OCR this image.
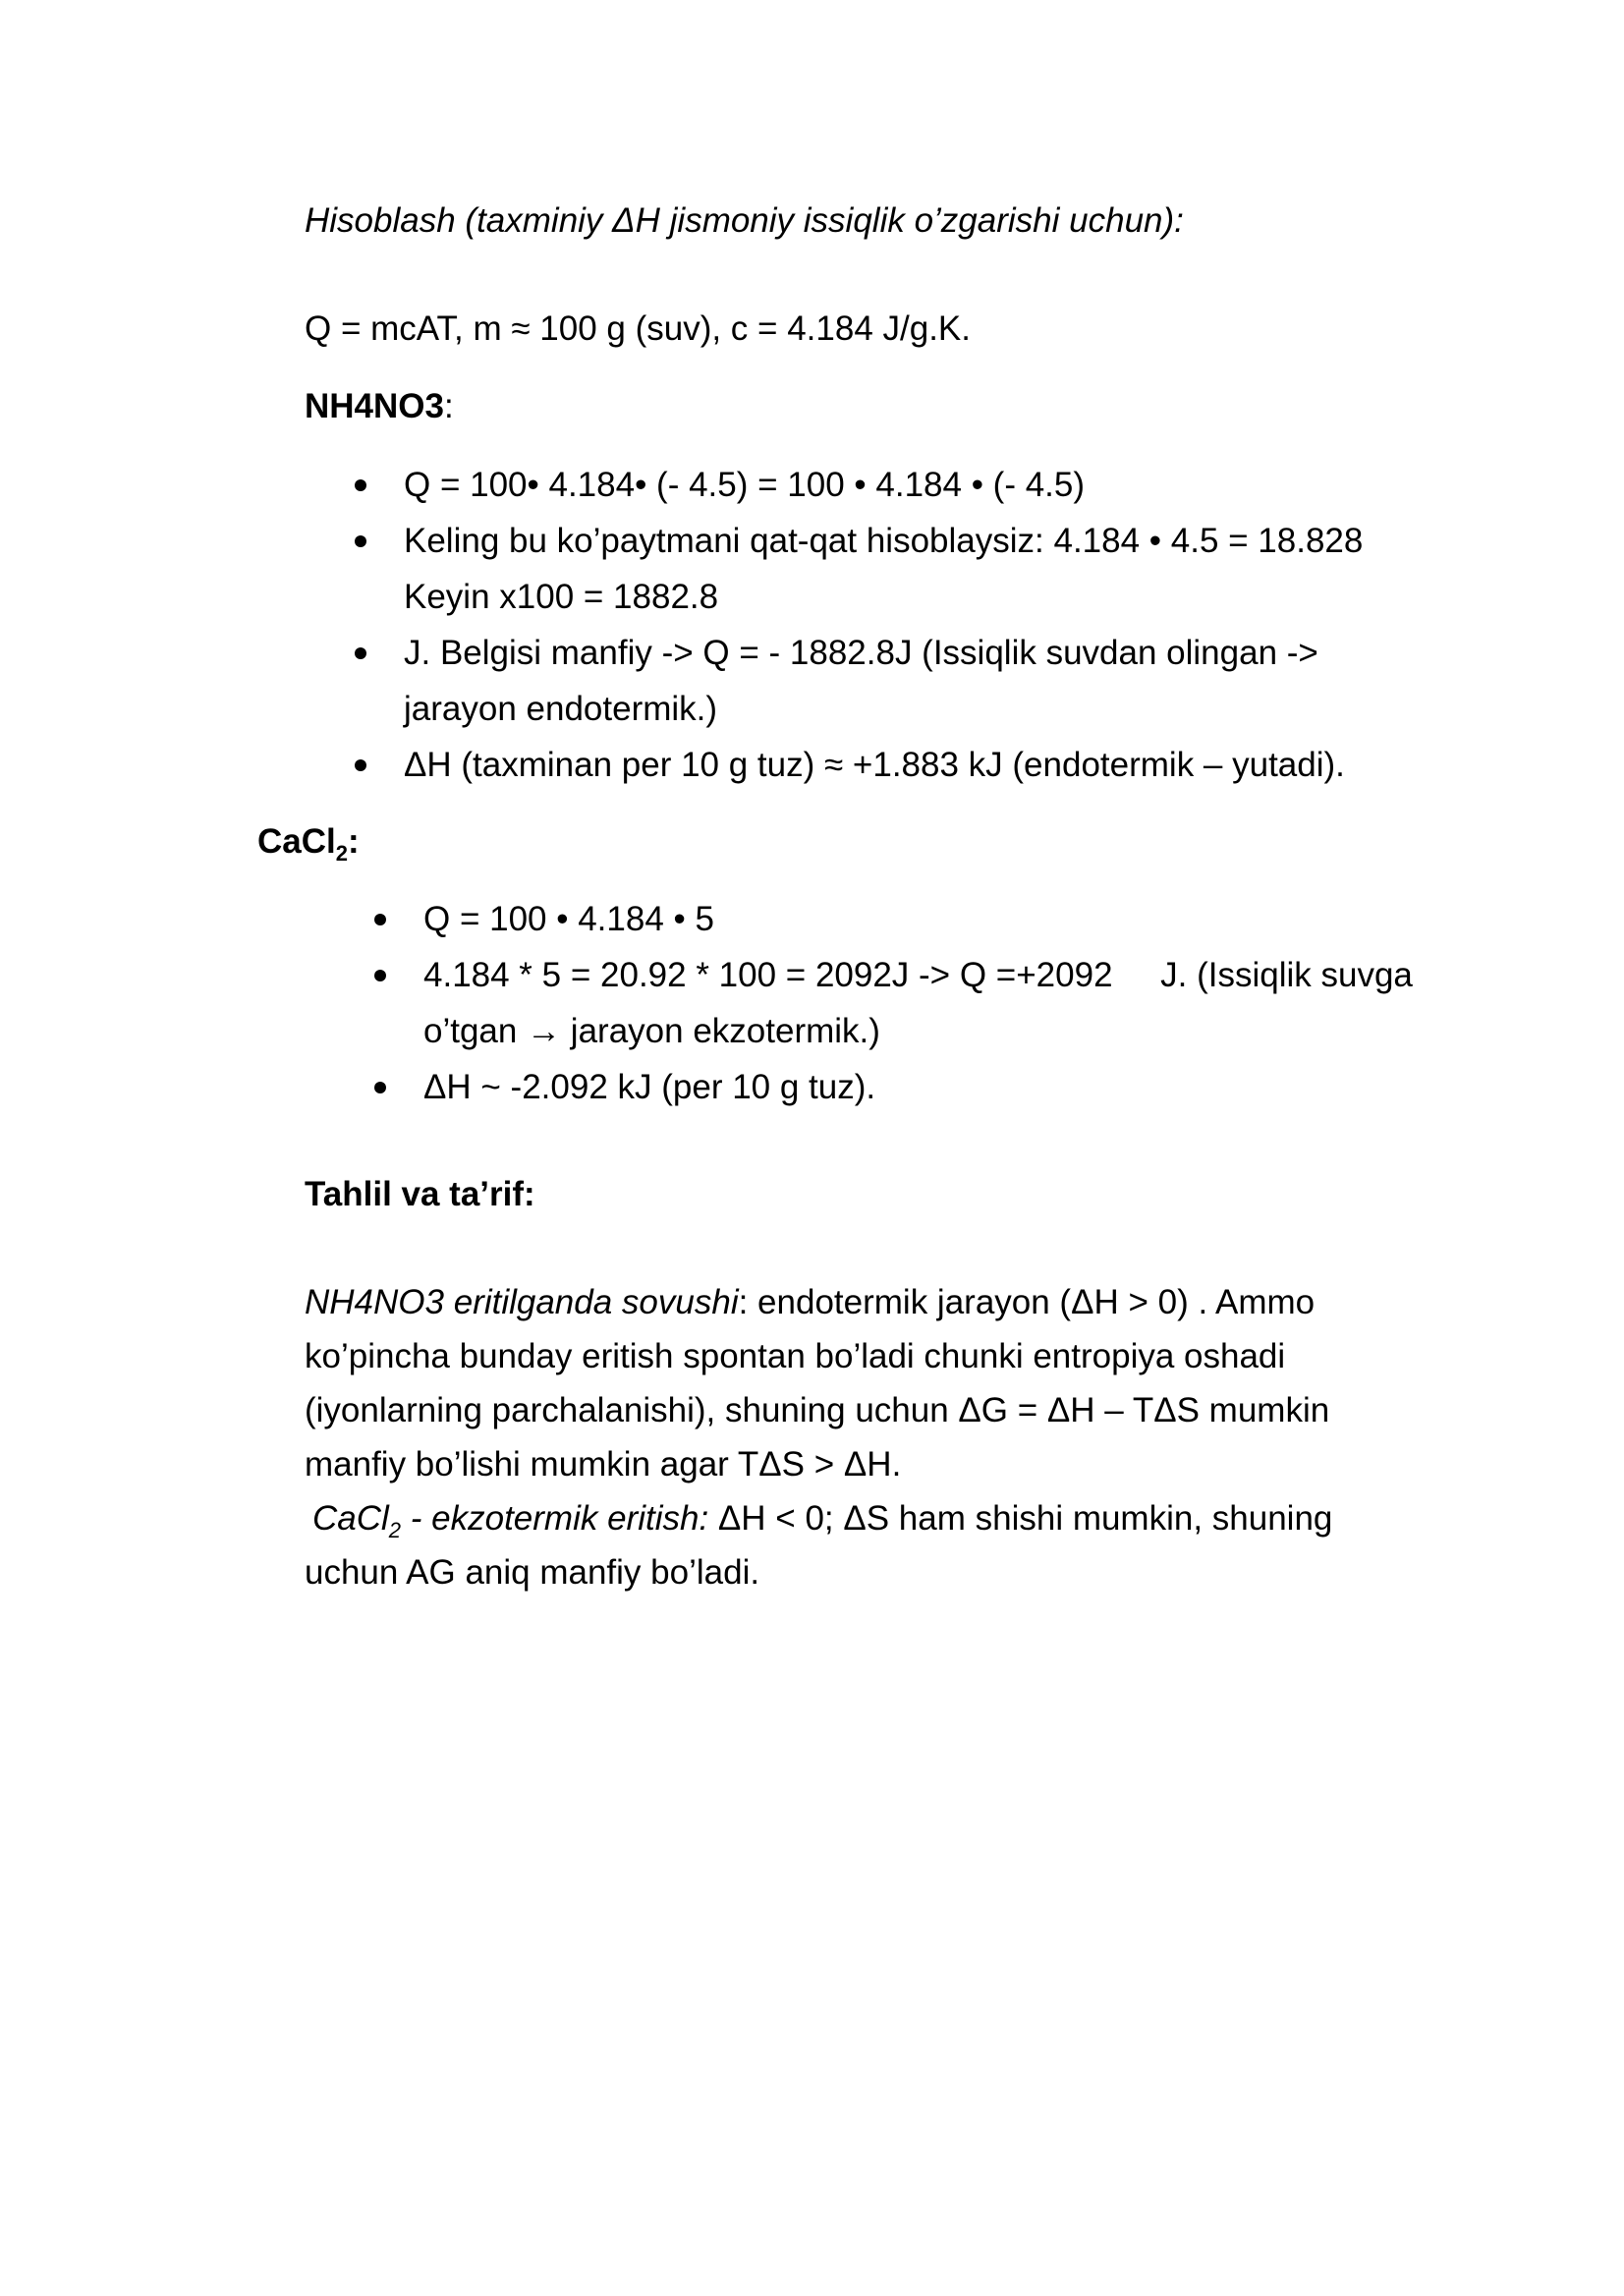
Hisoblash (taxminiy ΔH jismoniy issiqlik o’zgarishi uchun):
Q = mcAT, m ≈ 100 g (suv), c = 4.184 J/g.K.
NH4NO3:
Q = 100• 4.184• (- 4.5) = 100 • 4.184 • (- 4.5)
Keling bu ko’paytmani qat-qat hisoblaysiz: 4.184 • 4.5 = 18.828
Keyin x100 = 1882.8
J. Belgisi manfiy -> Q = - 1882.8J (Issiqlik suvdan olingan ->
jarayon endotermik.)
ΔH (taxminan per 10 g tuz) ≈ +1.883 kJ (endotermik – yutadi).
CaCl$_2$:
Q = 100 • 4.184 • 5
4.184 * 5 = 20.92 * 100 = 2092J -> Q =+2092     J. (Issiqlik suvga
o’tgan → jarayon ekzotermik.)
ΔH ~ -2.092 kJ (per 10 g tuz).
Tahlil va ta’rif:
NH4NO3 eritilganda sovushi: endotermik jarayon (ΔH > 0) . Ammo
ko’pincha bunday eritish spontan bo’ladi chunki entropiya oshadi
(iyonlarning parchalanishi), shuning uchun ΔG = ΔH – TΔS mumkin
manfiy bo’lishi mumkin agar TΔS > ΔH.
CaCl$_2$ - ekzotermik eritish: ΔH < 0; ΔS ham shishi mumkin, shuning
uchun AG aniq manfiy bo’ladi.
